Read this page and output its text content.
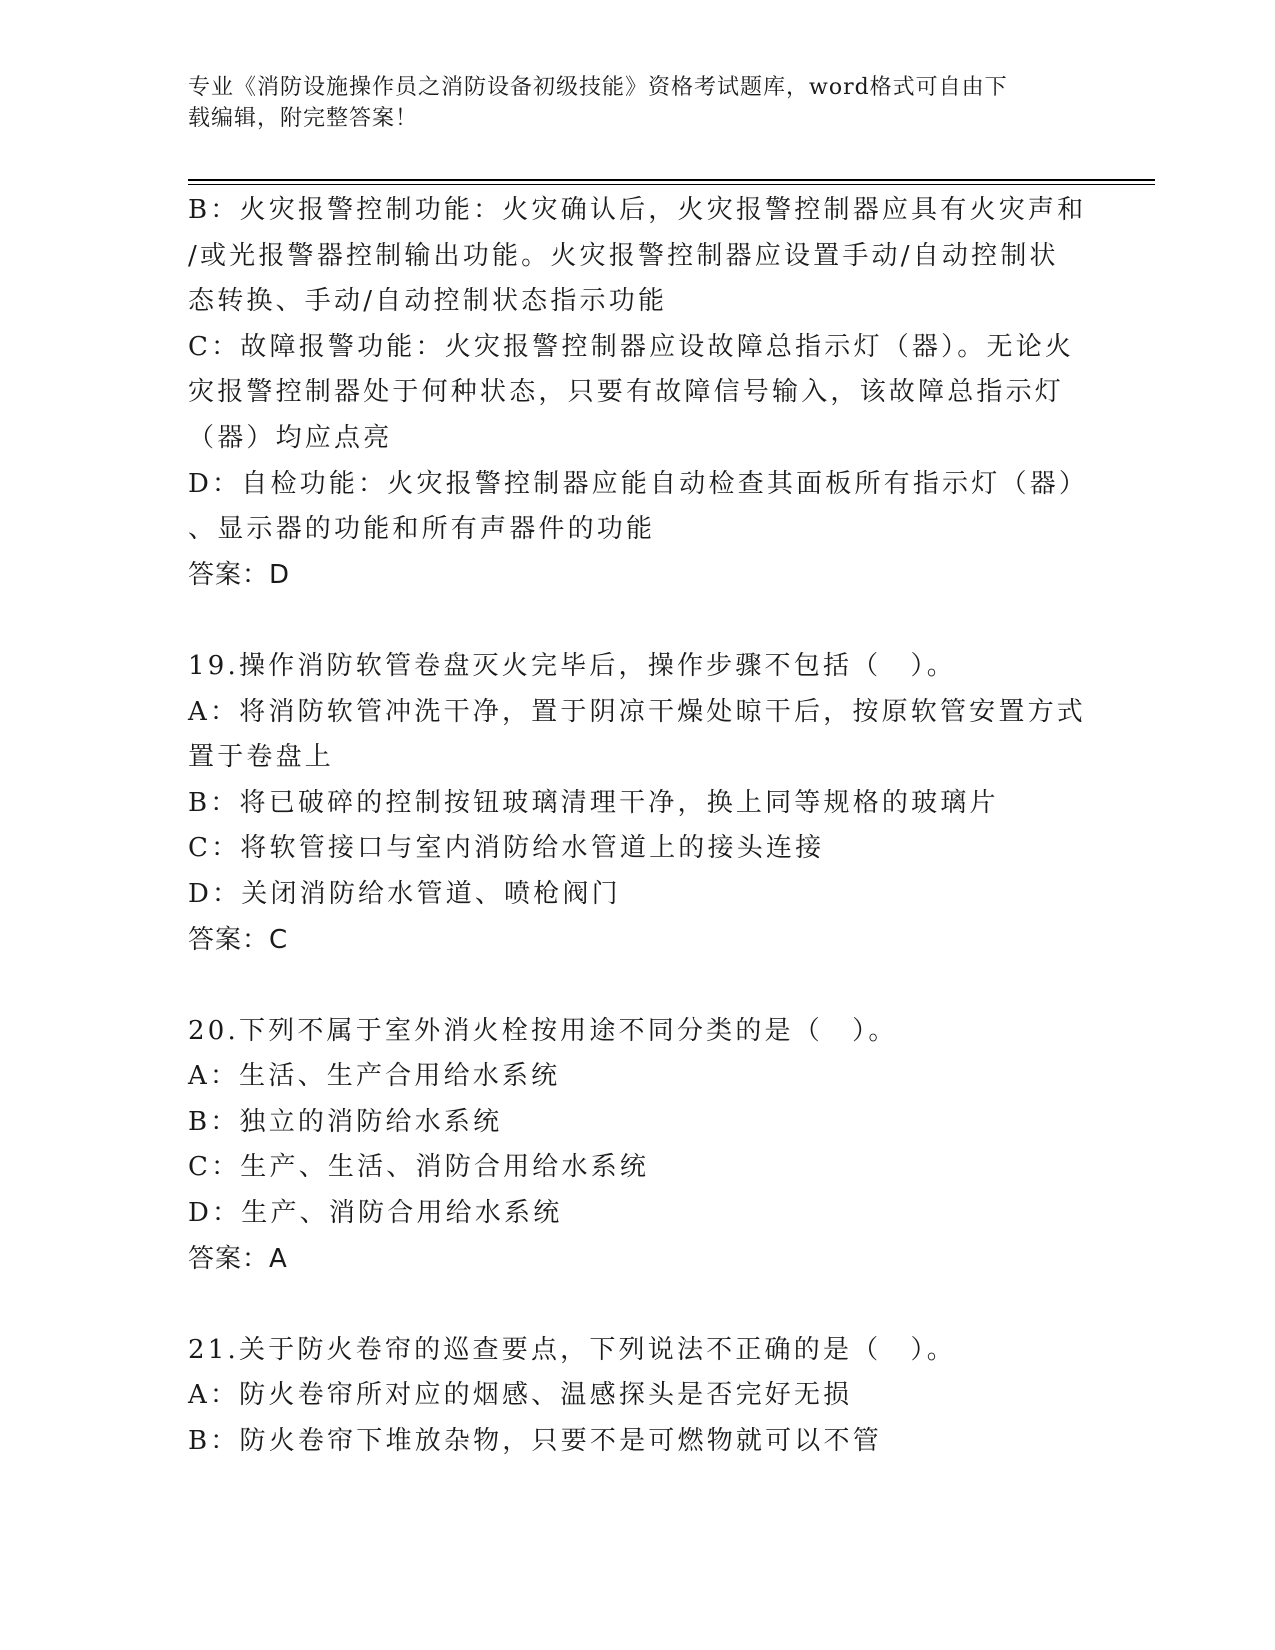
专业《消防设施操作员之消防设备初级技能》资格考试题库，word格式可自由下
载编辑，附完整答案！
B：火灾报警控制功能：火灾确认后，火灾报警控制器应具有火灾声和
/或光报警器控制输出功能。火灾报警控制器应设置手动/自动控制状
态转换、手动/自动控制状态指示功能
C：故障报警功能：火灾报警控制器应设故障总指示灯（器）。无论火
灾报警控制器处于何种状态，只要有故障信号输入，该故障总指示灯
（器）均应点亮
D：自检功能：火灾报警控制器应能自动检查其面板所有指示灯（器）
、显示器的功能和所有声器件的功能
答案：D
19.操作消防软管卷盘灭火完毕后，操作步骤不包括（　）。
A：将消防软管冲洗干净，置于阴凉干燥处晾干后，按原软管安置方式
置于卷盘上
B：将已破碎的控制按钮玻璃清理干净，换上同等规格的玻璃片
C：将软管接口与室内消防给水管道上的接头连接
D：关闭消防给水管道、喷枪阀门
答案：C
20.下列不属于室外消火栓按用途不同分类的是（　）。
A：生活、生产合用给水系统
B：独立的消防给水系统
C：生产、生活、消防合用给水系统
D：生产、消防合用给水系统
答案：A
21.关于防火卷帘的巡查要点，下列说法不正确的是（　）。
A：防火卷帘所对应的烟感、温感探头是否完好无损
B：防火卷帘下堆放杂物，只要不是可燃物就可以不管
